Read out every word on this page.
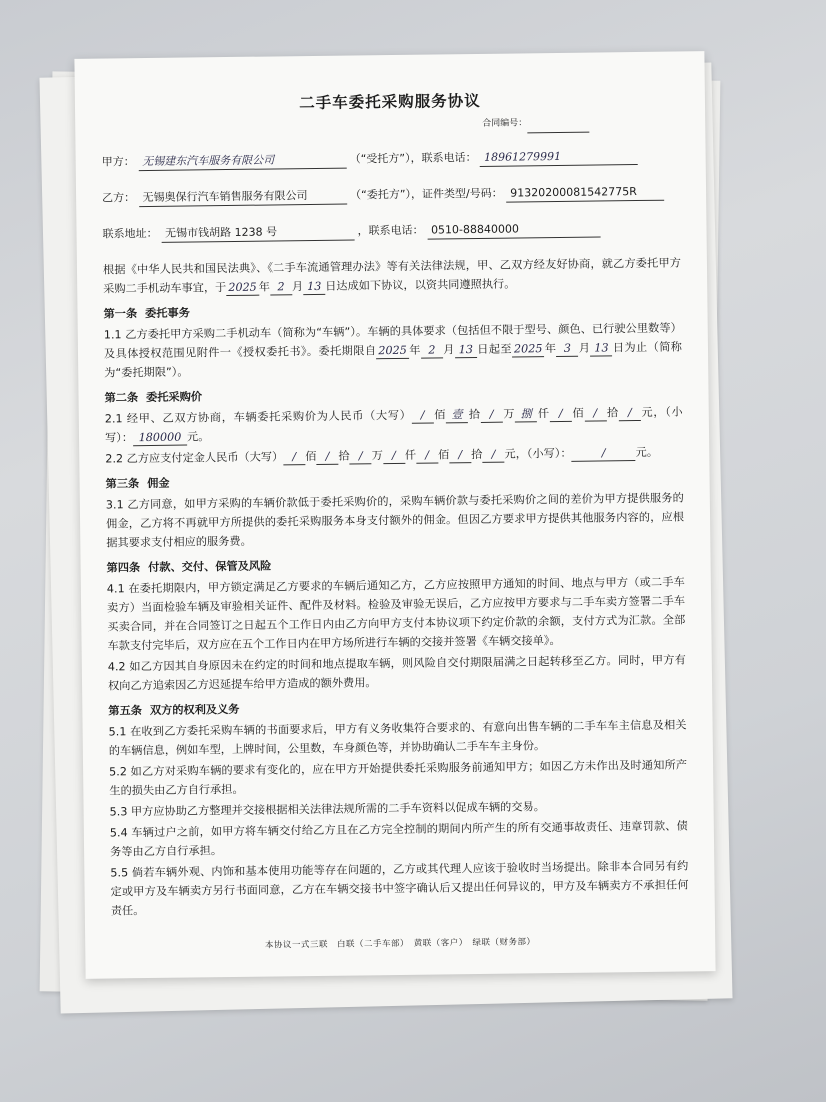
二手车委托采购服务协议
合同编号：
甲方： 无锡建东汽车服务有限公司	（“受托方”），联系电话： 18961279991
乙方： 无锡奥保行汽车销售服务有限公司	（“委托方”），证件类型/号码： 91320200081542775R
联系地址： 无锡市钱胡路 1238 号	，联系电话： 0510-88840000

根据《中华人民共和国民法典》、《二手车流通管理办法》等有关法律法规，甲、乙双方经友好协商，就乙方委托甲方采购二手机动车事宜，于 2025 年 2 月 13 日达成如下协议，以资共同遵照执行。

第一条 委托事务

1.1 乙方委托甲方采购二手机动车（简称为“车辆”）。车辆的具体要求（包括但不限于型号、颜色、已行驶公里数等）及具体授权范围见附件一《授权委托书》。委托期限自 2025 年 2 月 13 日起至 2025 年 3 月 13 日为止（简称为“委托期限”）。

第二条 委托采购价

2.1 经甲、乙双方协商，车辆委托采购价为人民币（大写） / 佰 壹 拾 / 万 捌 仟 / 佰 / 拾 / 元，（小写）： 180000 元。

2.2 乙方应支付定金人民币（大写） / 佰 / 拾 / 万 / 仟 / 佰 / 拾 / 元，（小写）：	/	元。

第三条 佣金

3.1 乙方同意，如甲方采购的车辆价款低于委托采购价的，采购车辆价款与委托采购价之间的差价为甲方提供服务的佣金，乙方将不再就甲方所提供的委托采购服务本身支付额外的佣金。但因乙方要求甲方提供其他服务内容的，应根据其要求支付相应的服务费。

第四条 付款、交付、保管及风险

4.1 在委托期限内，甲方锁定满足乙方要求的车辆后通知乙方，乙方应按照甲方通知的时间、地点与甲方（或二手车卖方）当面检验车辆及审验相关证件、配件及材料。检验及审验无误后，乙方应按甲方要求与二手车卖方签署二手车买卖合同，并在合同签订之日起五个工作日内由乙方向甲方支付本协议项下约定价款的余额，支付方式为汇款。全部车款支付完毕后，双方应在五个工作日内在甲方场所进行车辆的交接并签署《车辆交接单》。

4.2 如乙方因其自身原因未在约定的时间和地点提取车辆，则风险自交付期限届满之日起转移至乙方。同时，甲方有权向乙方追索因乙方迟延提车给甲方造成的额外费用。

第五条 双方的权利及义务

5.1 在收到乙方委托采购车辆的书面要求后，甲方有义务收集符合要求的、有意向出售车辆的二手车车主信息及相关的车辆信息，例如车型，上牌时间，公里数，车身颜色等，并协助确认二手车车主身份。

5.2 如乙方对采购车辆的要求有变化的，应在甲方开始提供委托采购服务前通知甲方；如因乙方未作出及时通知所产生的损失由乙方自行承担。

5.3 甲方应协助乙方整理并交接根据相关法律法规所需的二手车资料以促成车辆的交易。

5.4 车辆过户之前，如甲方将车辆交付给乙方且在乙方完全控制的期间内所产生的所有交通事故责任、违章罚款、债务等由乙方自行承担。

5.5 倘若车辆外观、内饰和基本使用功能等存在问题的，乙方或其代理人应该于验收时当场提出。除非本合同另有约定或甲方及车辆卖方另行书面同意，乙方在车辆交接书中签字确认后又提出任何异议的，甲方及车辆卖方不承担任何责任。

本协议一式三联　白联（二手车部）　黄联（客户）　绿联（财务部）
